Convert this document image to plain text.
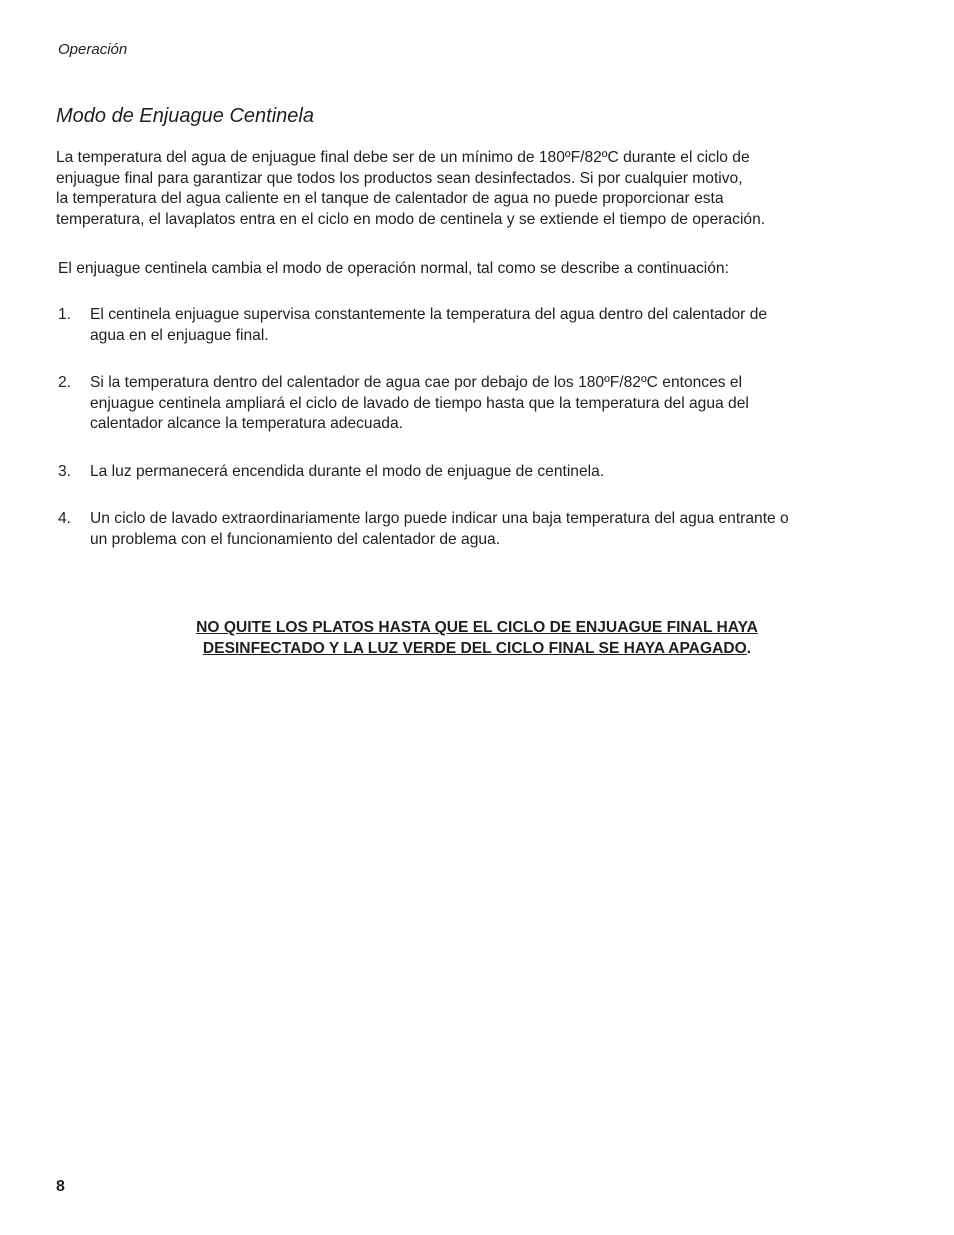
Operación
Modo de Enjuague Centinela

La temperatura del agua de enjuague final debe ser de un mínimo de 180ºF/82ºC durante el ciclo de
enjuague final para garantizar que todos los productos sean desinfectados. Si por cualquier motivo,
la temperatura del agua caliente en el tanque de calentador de agua no puede proporcionar esta
temperatura, el lavaplatos entra en el ciclo en modo de centinela y se extiende el tiempo de operación.

El enjuague centinela cambia el modo de operación normal, tal como se describe a continuación:

1. El centinela enjuague supervisa constantemente la temperatura del agua dentro del calentador de
agua en el enjuague final.
2. Si la temperatura dentro del calentador de agua cae por debajo de los 180ºF/82ºC entonces el
enjuague centinela ampliará el ciclo de lavado de tiempo hasta que la temperatura del agua del
calentador alcance la temperatura adecuada.
3. La luz permanecerá encendida durante el modo de enjuague de centinela.
4. Un ciclo de lavado extraordinariamente largo puede indicar una baja temperatura del agua entrante o
un problema con el funcionamiento del calentador de agua.
NO QUITE LOS PLATOS HASTA QUE EL CICLO DE ENJUAGUE FINAL HAYA
DESINFECTADO Y LA LUZ VERDE DEL CICLO FINAL SE HAYA APAGADO.
8
